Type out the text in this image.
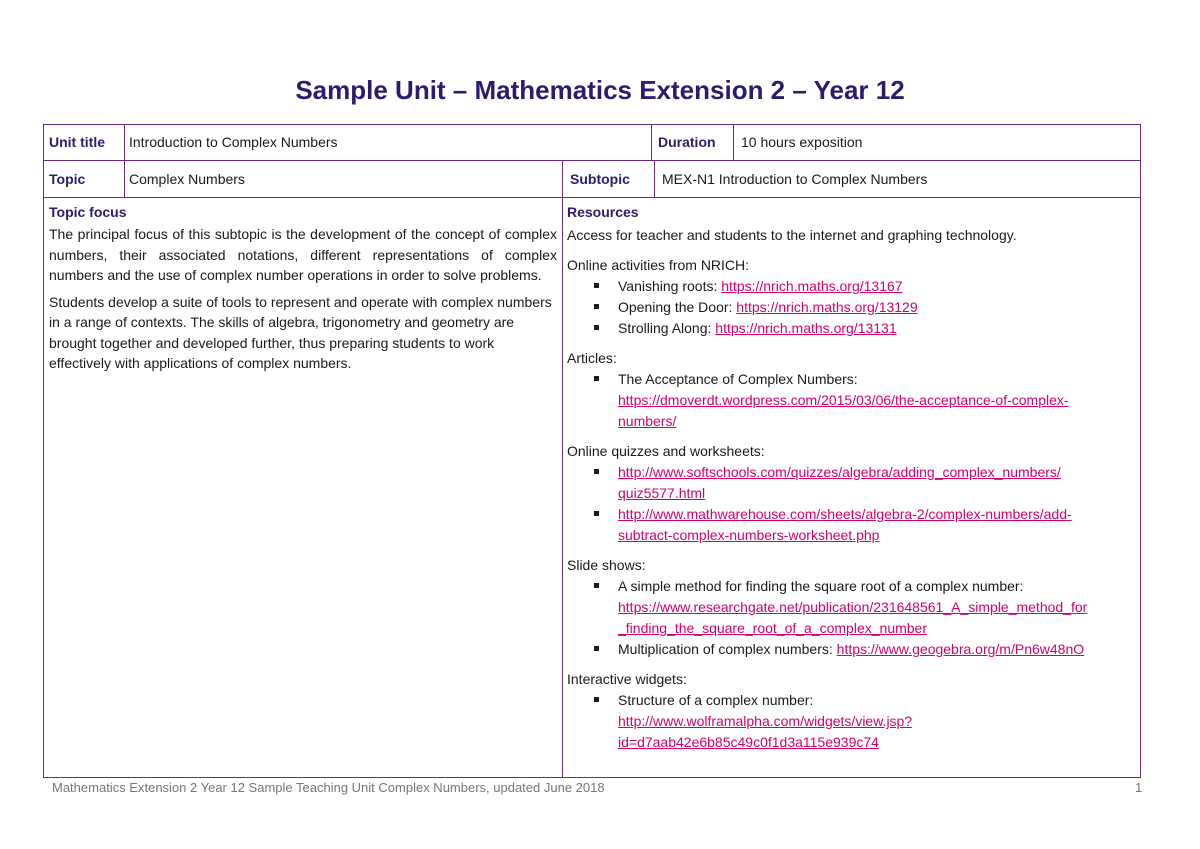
Sample Unit – Mathematics Extension 2 – Year 12
Unit title Introduction to Complex Numbers	Duration 10 hours exposition
Topic	Complex Numbers	Subtopic MEX-N1 Introduction to Complex Numbers
Topic focus

The principal focus of this subtopic is the development of the concept of complex numbers, their associated notations, different representations of complex numbers and the use of complex number operations in order to solve problems.

Students develop a suite of tools to represent and operate with complex numbers in a range of contexts. The skills of algebra, trigonometry and geometry are brought together and developed further, thus preparing students to work effectively with applications of complex numbers.

Resources

Access for teacher and students to the internet and graphing technology.

Online activities from NRICH:

Vanishing roots: https://nrich.maths.org/13167
Opening the Door: https://nrich.maths.org/13129
Strolling Along: https://nrich.maths.org/13131

Articles:

The Acceptance of Complex Numbers:
https://dmoverdt.wordpress.com/2015/03/06/the-acceptance-of-complex-
numbers/

Online quizzes and worksheets:

http://www.softschools.com/quizzes/algebra/adding_complex_numbers/
quiz5577.html
http://www.mathwarehouse.com/sheets/algebra-2/complex-numbers/add-
subtract-complex-numbers-worksheet.php

Slide shows:

A simple method for finding the square root of a complex number:
https://www.researchgate.net/publication/231648561_A_simple_method_for
_finding_the_square_root_of_a_complex_number
Multiplication of complex numbers: https://www.geogebra.org/m/Pn6w48nO

Interactive widgets:

Structure of a complex number:
http://www.wolframalpha.com/widgets/view.jsp?
id=d7aab42e6b85c49c0f1d3a115e939c74
Mathematics Extension 2 Year 12 Sample Teaching Unit Complex Numbers, updated June 2018	1
